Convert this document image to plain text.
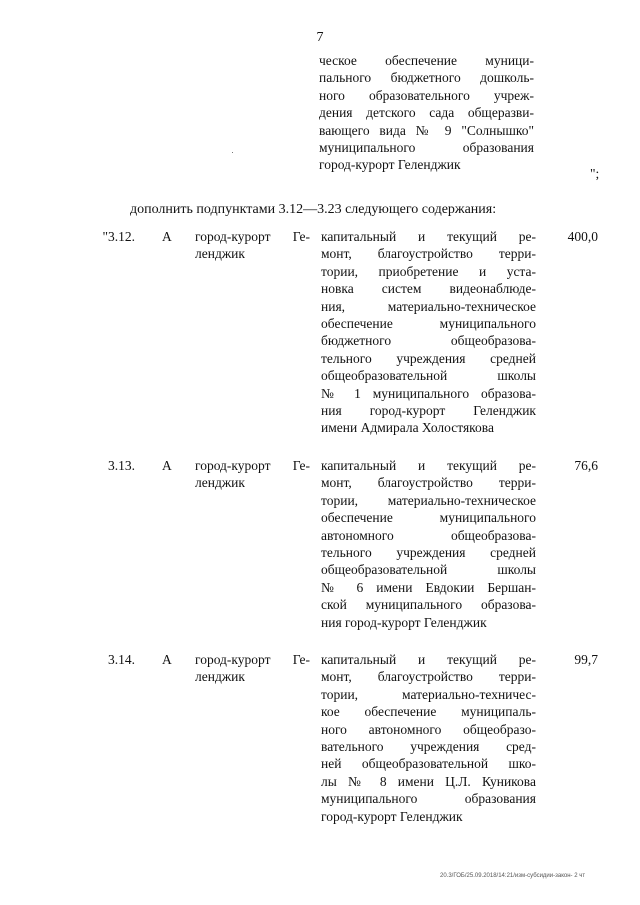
7
ческое обеспечение муници-
пального бюджетного дошколь-
ного образовательного учреж-
дения детского сада общеразви-
вающего вида № 9 "Солнышко"
муниципального образования
город-курорт Геленджик
";
дополнить подпунктами 3.12—3.23 следующего содержания:
"3.12. А город-курорт Ге-
ленджик
капитальный и текущий ре-
монт, благоустройство терри-
тории, приобретение и уста-
новка систем видеонаблюде-
ния, материально-техническое
обеспечение муниципального
бюджетного общеобразова-
тельного учреждения средней
общеобразовательной школы
№ 1 муниципального образова-
ния город-курорт Геленджик
имени Адмирала Холостякова
400,0
3.13. А город-курорт Ге-
ленджик
капитальный и текущий ре-
монт, благоустройство терри-
тории, материально-техническое
обеспечение муниципального
автономного общеобразова-
тельного учреждения средней
общеобразовательной школы
№ 6 имени Евдокии Бершан-
ской муниципального образова-
ния город-курорт Геленджик
76,6
3.14. А город-курорт Ге-
ленджик
капитальный и текущий ре-
монт, благоустройство терри-
тории, материально-техничес-
кое обеспечение муниципаль-
ного автономного общеобразо-
вательного учреждения сред-
ней общеобразовательной шко-
лы № 8 имени Ц.Л. Куникова
муниципального образования
город-курорт Геленджик
99,7
20.3/ГОБ/25.09.2018/14:21/изм-субсидии-закон- 2 чт
